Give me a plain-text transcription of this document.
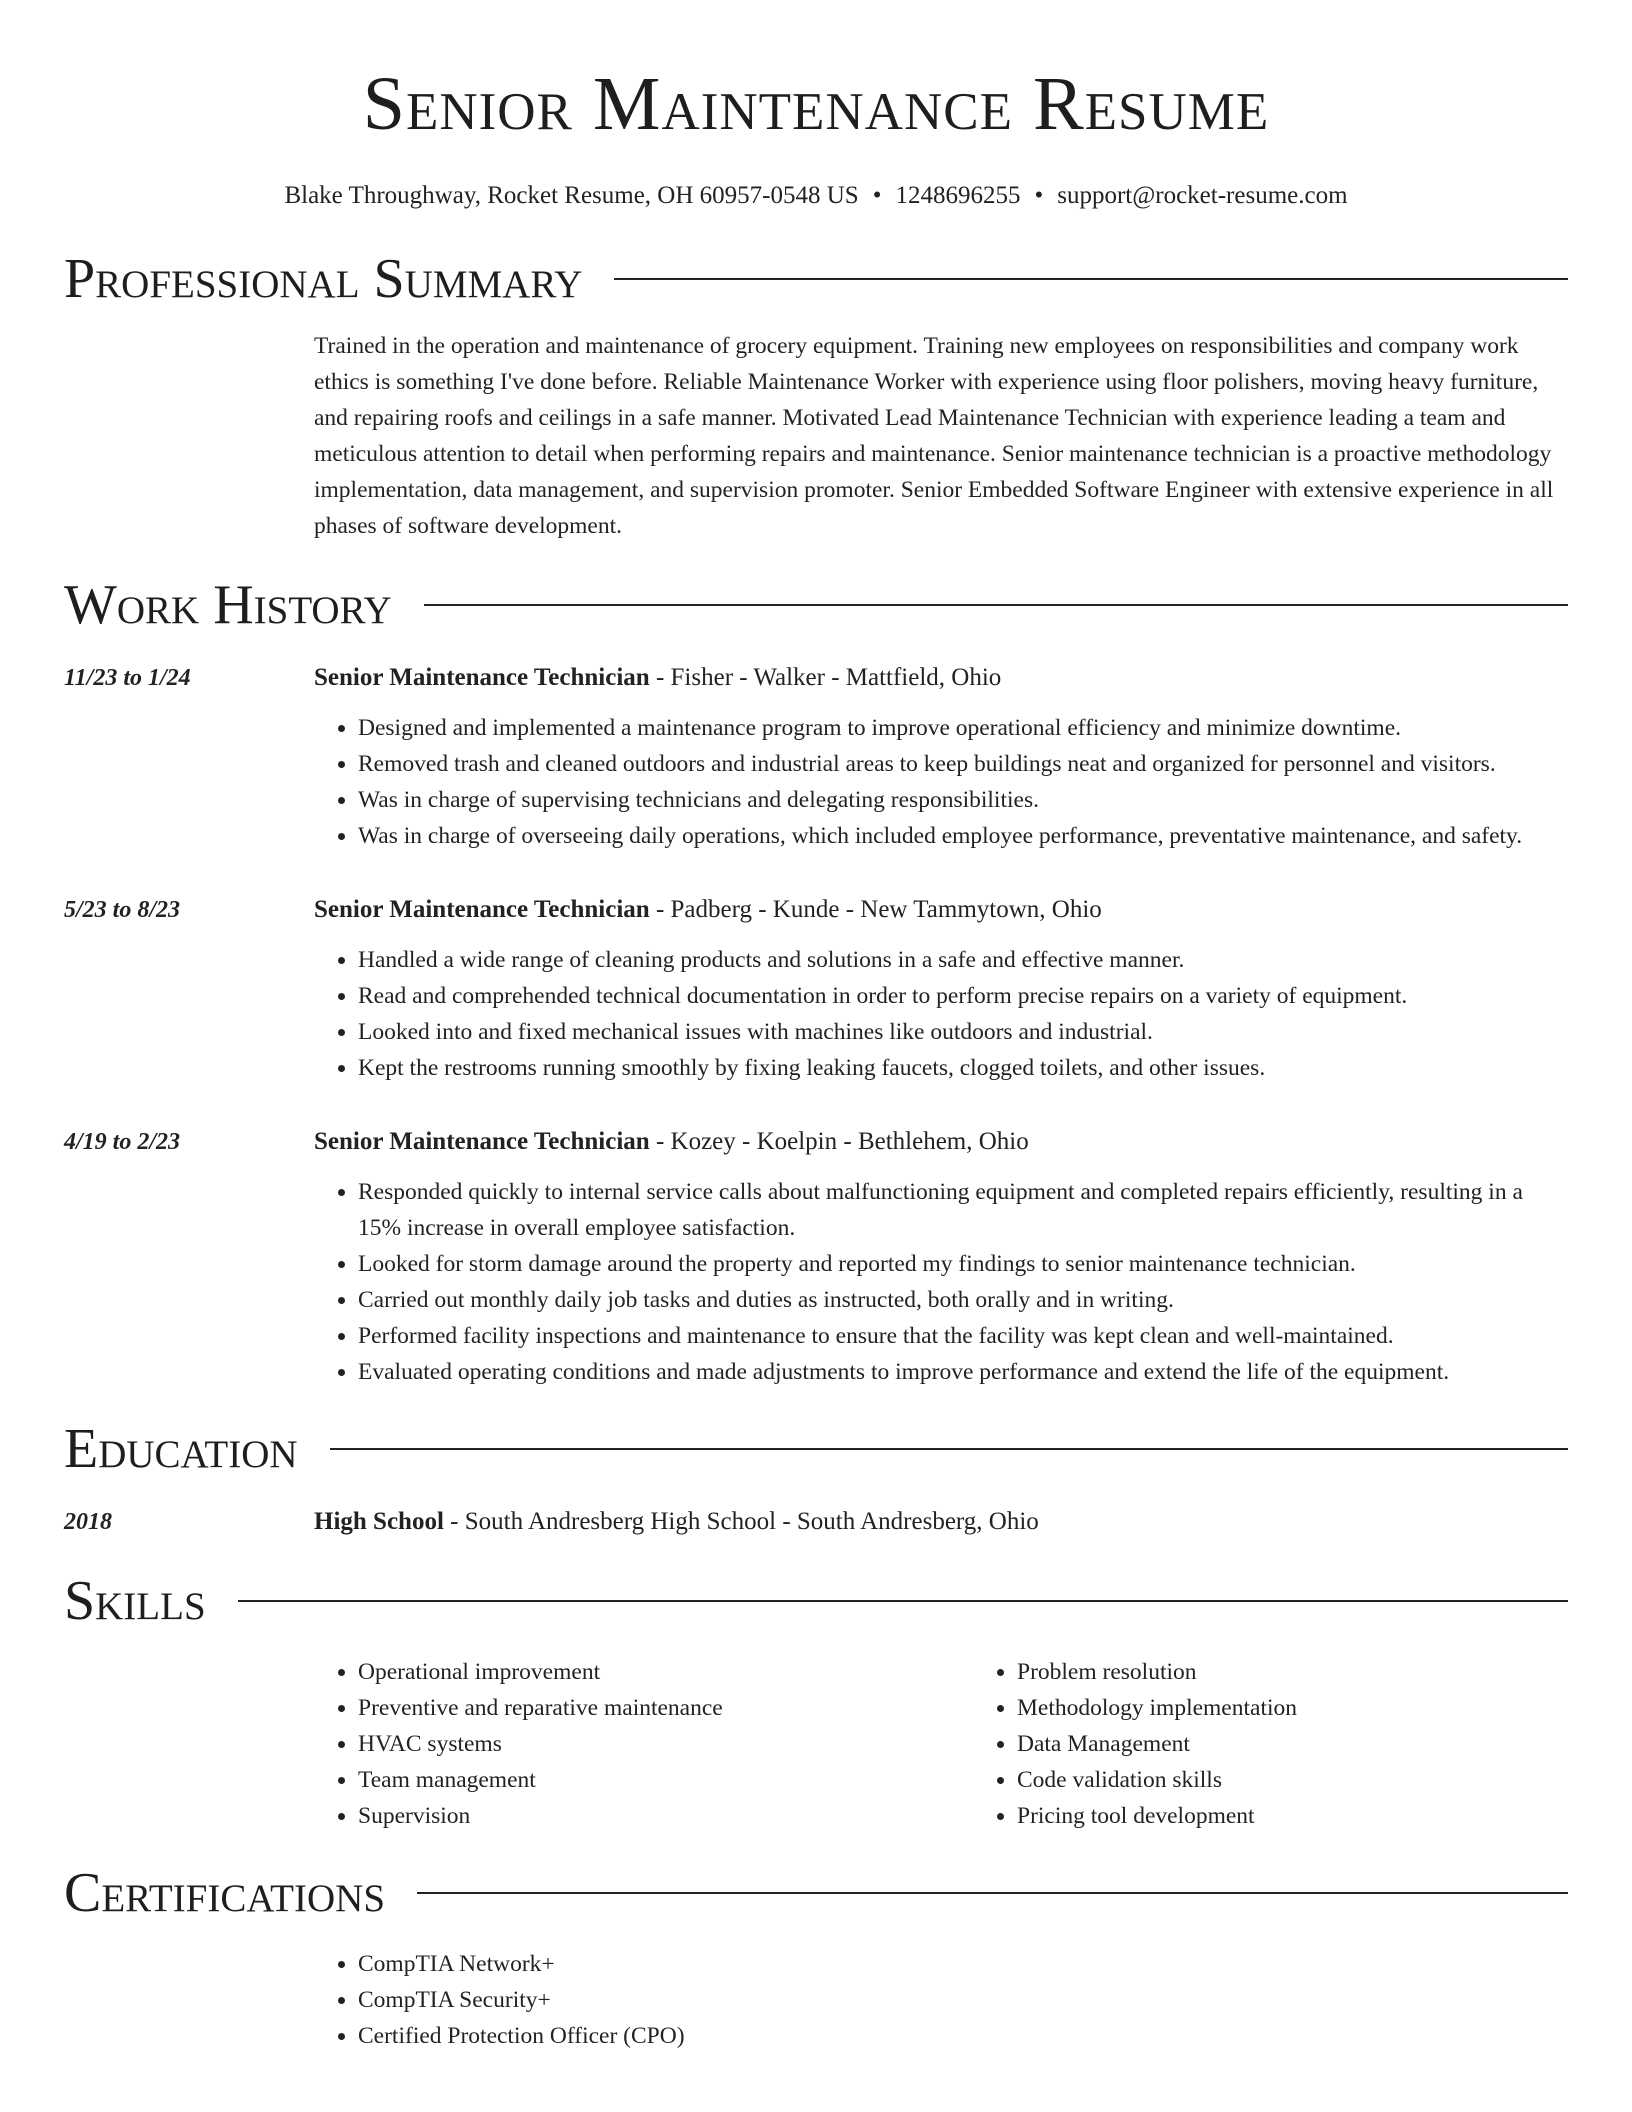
Senior Maintenance Resume
Blake Throughway, Rocket Resume, OH 60957-0548 US • 1248696255 • support@rocket-resume.com
Professional Summary
Trained in the operation and maintenance of grocery equipment. Training new employees on responsibilities and company work ethics is something I've done before. Reliable Maintenance Worker with experience using floor polishers, moving heavy furniture, and repairing roofs and ceilings in a safe manner. Motivated Lead Maintenance Technician with experience leading a team and meticulous attention to detail when performing repairs and maintenance. Senior maintenance technician is a proactive methodology implementation, data management, and supervision promoter. Senior Embedded Software Engineer with extensive experience in all phases of software development.
Work History
11/23 to 1/24	Senior Maintenance Technician - Fisher - Walker - Mattfield, Ohio
• Designed and implemented a maintenance program to improve operational efficiency and minimize downtime.
• Removed trash and cleaned outdoors and industrial areas to keep buildings neat and organized for personnel and visitors.
• Was in charge of supervising technicians and delegating responsibilities.
• Was in charge of overseeing daily operations, which included employee performance, preventative maintenance, and safety.
5/23 to 8/23	Senior Maintenance Technician - Padberg - Kunde - New Tammytown, Ohio
• Handled a wide range of cleaning products and solutions in a safe and effective manner.
• Read and comprehended technical documentation in order to perform precise repairs on a variety of equipment.
• Looked into and fixed mechanical issues with machines like outdoors and industrial.
• Kept the restrooms running smoothly by fixing leaking faucets, clogged toilets, and other issues.
4/19 to 2/23	Senior Maintenance Technician - Kozey - Koelpin - Bethlehem, Ohio
• Responded quickly to internal service calls about malfunctioning equipment and completed repairs efficiently, resulting in a 15% increase in overall employee satisfaction.
• Looked for storm damage around the property and reported my findings to senior maintenance technician.
• Carried out monthly daily job tasks and duties as instructed, both orally and in writing.
• Performed facility inspections and maintenance to ensure that the facility was kept clean and well-maintained.
• Evaluated operating conditions and made adjustments to improve performance and extend the life of the equipment.
Education
2018	High School - South Andresberg High School - South Andresberg, Ohio
Skills
• Operational improvement
• Preventive and reparative maintenance
• HVAC systems
• Team management
• Supervision
• Problem resolution
• Methodology implementation
• Data Management
• Code validation skills
• Pricing tool development
Certifications
• CompTIA Network+
• CompTIA Security+
• Certified Protection Officer (CPO)
